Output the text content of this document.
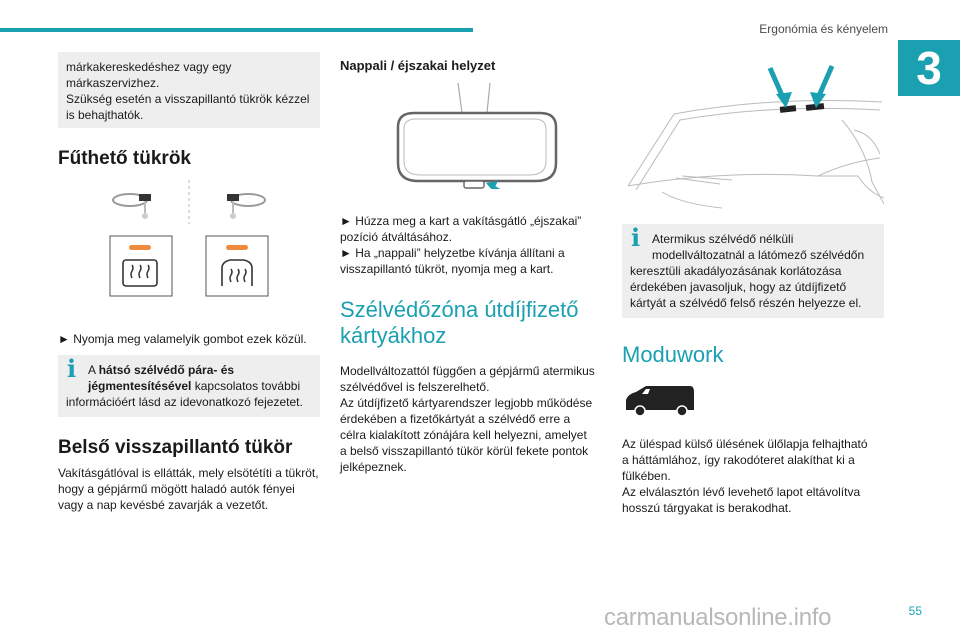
Ergonómia és kényelem
3
márkakereskedéshez vagy egy
márkaszervizhez.
Szükség esetén a visszapillantó tükrök kézzel
is behajthatók.
Fűthető tükrök
► Nyomja meg valamelyik gombot ezek közül.
i A hátsó szélvédő pára- és
jégmentesítésével kapcsolatos további
információért lásd az idevonatkozó fejezetet.
Belső visszapillantó tükör

Vakításgátlóval is ellátták, mely elsötétíti a tükröt,
hogy a gépjármű mögött haladó autók fényei
vagy a nap kevésbé zavarják a vezetőt.

Nappali / éjszakai helyzet

► Húzza meg a kart a vakításgátló „éjszakai”
pozíció átváltásához.
► Ha „nappali” helyzetbe kívánja állítani a
visszapillantó tükröt, nyomja meg a kart.

Szélvédőzóna útdíjfizető
kártyákhoz

Modellváltozattól függően a gépjármű atermikus
szélvédővel is felszerelhető.
Az útdíjfizető kártyarendszer legjobb működése
érdekében a fizetőkártyát a szélvédő erre a
célra kialakított zónájára kell helyezni, amelyet
a belső visszapillantó tükör körül fekete pontok
jelképeznek.

i Atermikus szélvédő nélküli
modellváltozatnál a látómező szélvédőn
keresztüli akadályozásának korlátozása
érdekében javasoljuk, hogy az útdíjfizető
kártyát a szélvédő felső részén helyezze el.
Moduwork

Az üléspad külső ülésének ülőlapja felhajtható
a háttámlához, így rakodóteret alakíthat ki a
fülkében.
Az elválasztón lévő levehető lapot eltávolítva
hosszú tárgyakat is berakodhat.

carmanualsonline.info	55
